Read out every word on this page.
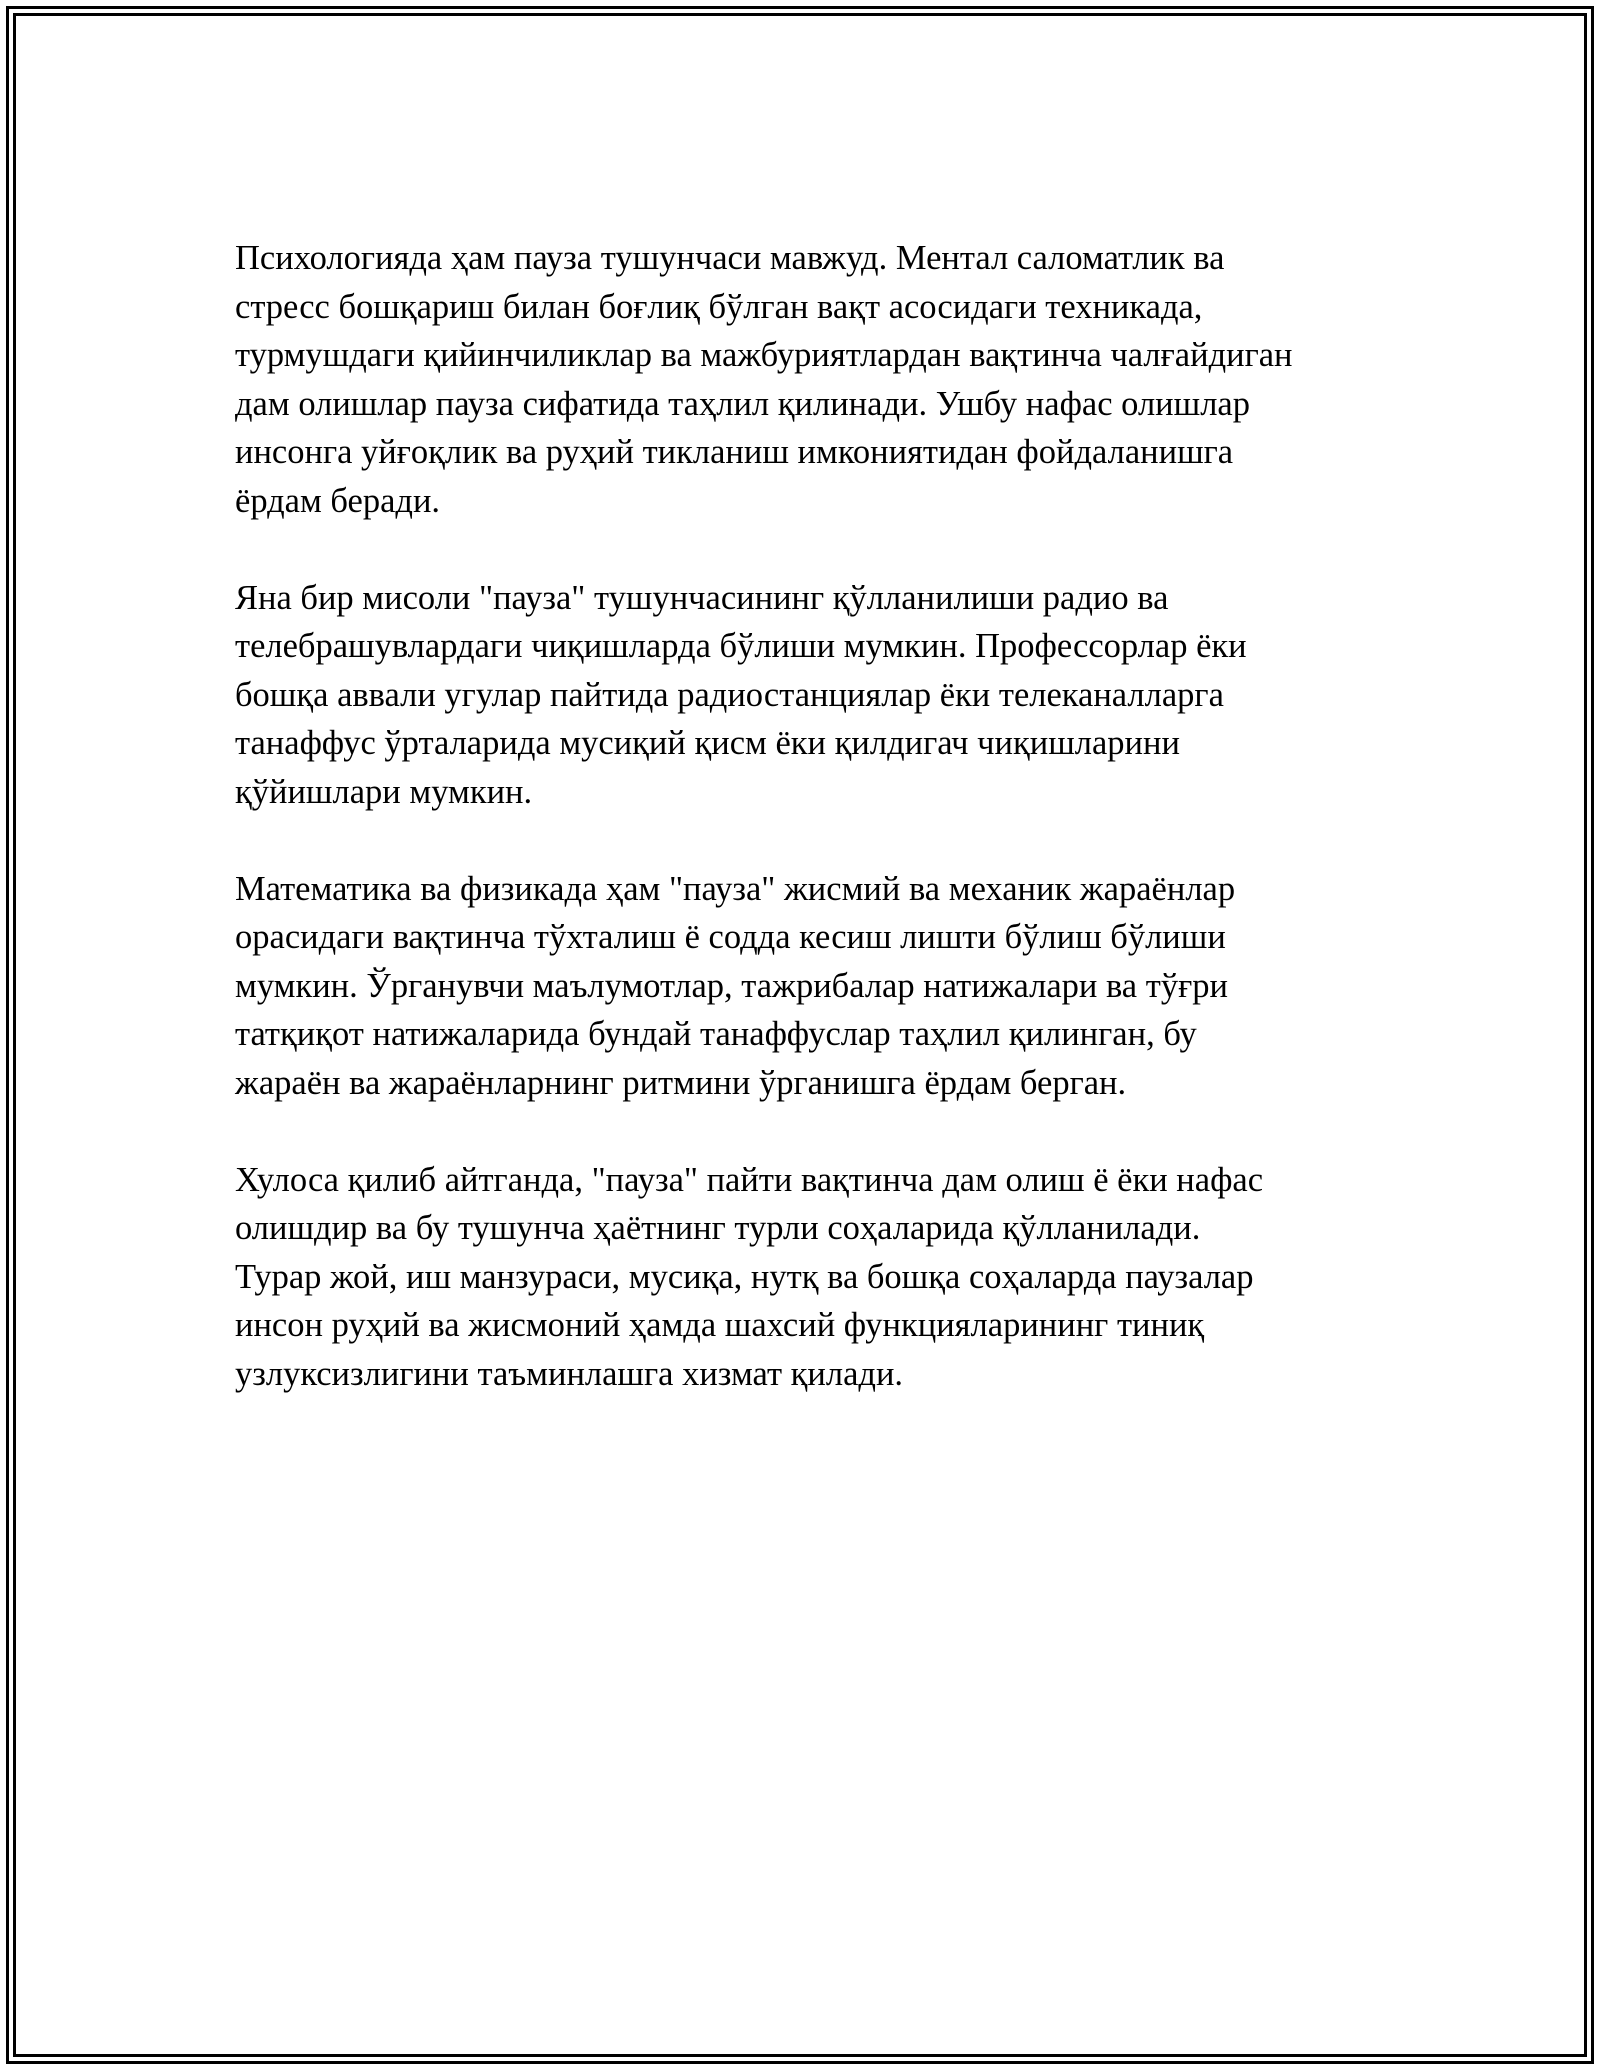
Психологияда ҳам пауза тушунчаси мавжуд. Ментал саломатлик ва
стресс бошқариш билан боғлиқ бўлган вақт асосидаги техникада,
турмушдаги қийинчиликлар ва мажбуриятлардан вақтинча чалғайдиган
дам олишлар пауза сифатида таҳлил қилинади. Ушбу нафас олишлар
инсонга уйғоқлик ва руҳий тикланиш имкониятидан фойдаланишга
ёрдам беради.

Яна бир мисоли "пауза" тушунчасининг қўлланилиши радио ва
телебрашувлардаги чиқишларда бўлиши мумкин. Профессорлар ёки
бошқа аввали угулар пайтида радиостанциялар ёки телеканалларга
танаффус ўрталарида мусиқий қисм ёки қилдигач чиқишларини
қўйишлари мумкин.

Математика ва физикада ҳам "пауза" жисмий ва механик жараёнлар
орасидаги вақтинча тўхталиш ё содда кесиш лишти бўлиш бўлиши
мумкин. Ўрганувчи маълумотлар, тажрибалар натижалари ва тўғри
татқиқот натижаларида бундай танаффуслар таҳлил қилинган, бу
жараён ва жараёнларнинг ритмини ўрганишга ёрдам берган.

Хулоса қилиб айтганда, "пауза" пайти вақтинча дам олиш ё ёки нафас
олишдир ва бу тушунча ҳаётнинг турли соҳаларида қўлланилади.
Турар жой, иш манзураси, мусиқа, нутқ ва бошқа соҳаларда паузалар
инсон руҳий ва жисмоний ҳамда шахсий функцияларининг тиниқ
узлуксизлигини таъминлашга хизмат қилади.
